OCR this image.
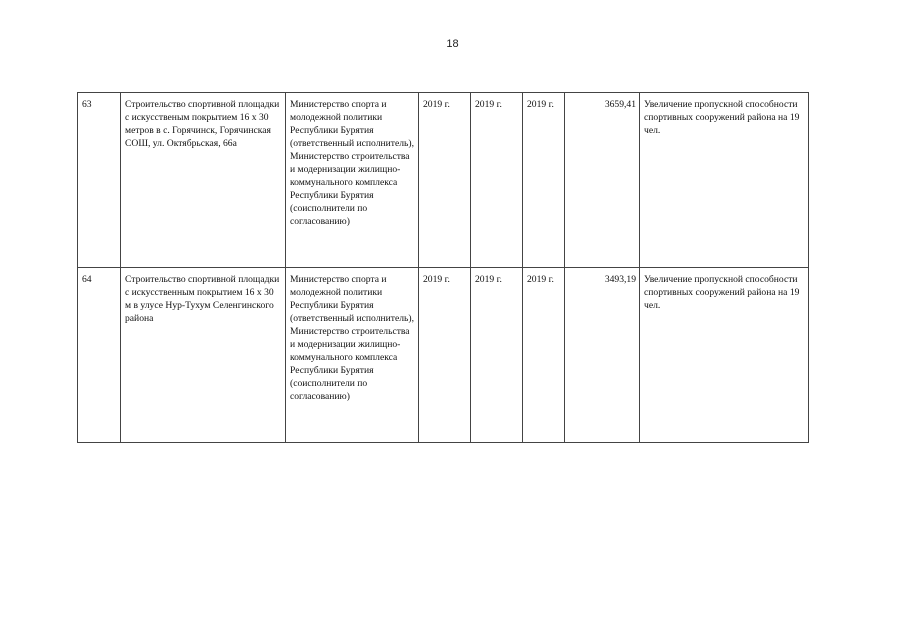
18
63	Строительство спортивной площадки с искусственым покрытием 16 х 30 метров в с. Горячинск, Горячинская СОШ, ул. Октябрьская, 66а	Министерство спорта и молодежной политики Республики Бурятия (ответственный исполнитель), Министерство строительства и модернизации жилищно-коммунального комплекса Республики Бурятия (соисполнители по согласованию)	2019 г.	2019 г.	2019 г.	3659,41	Увеличение пропускной способности спортивных сооружений района на 19 чел.
64	Строительство спортивной площадки с искусственным покрытием 16 х 30 м в улусе Нур-Тухум Селенгинского района	Министерство спорта и молодежной политики Республики Бурятия (ответственный исполнитель), Министерство строительства и модернизации жилищно-коммунального комплекса Республики Бурятия (соисполнители по согласованию)	2019 г.	2019 г.	2019 г.	3493,19	Увеличение пропускной способности спортивных сооружений района на 19 чел.
